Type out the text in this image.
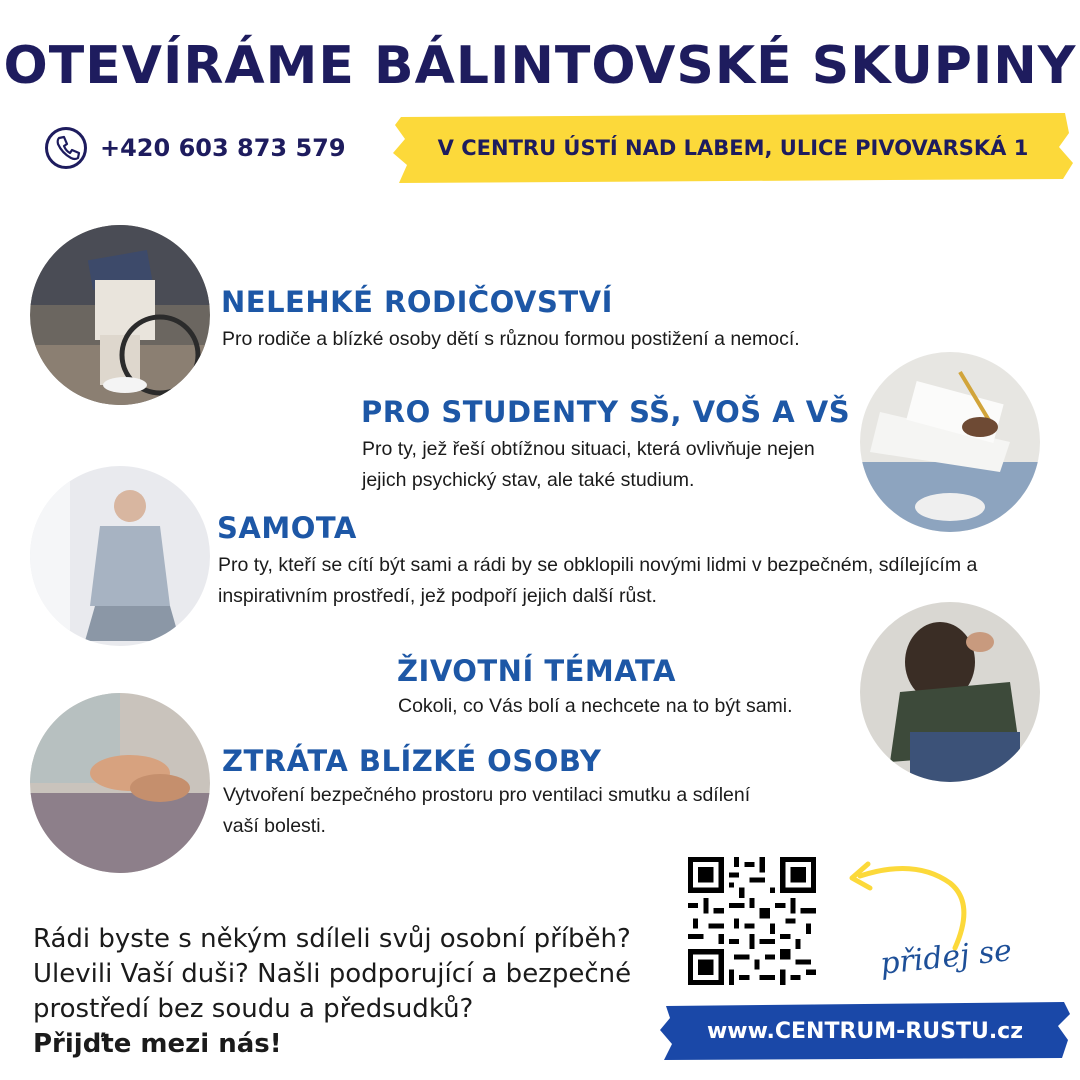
OTEVÍRÁME BÁLINTOVSKÉ SKUPINY
+420 603 873 579	V CENTRU ÚSTÍ NAD LABEM, ULICE PIVOVARSKÁ 1
NELEHKÉ RODIČOVSTVÍ
Pro rodiče a blízké osoby dětí s různou formou postižení a nemocí.
PRO STUDENTY SŠ, VOŠ A VŠ
Pro ty, jež řeší obtížnou situaci, která ovlivňuje nejen jejich psychický stav, ale také studium.
SAMOTA
Pro ty, kteří se cítí být sami a rádi by se obklopili novými lidmi v bezpečném, sdílejícím a inspirativním prostředí, jež podpoří jejich další růst.
ŽIVOTNÍ TÉMATA
Cokoli, co Vás bolí a nechcete na to být sami.
ZTRÁTA BLÍZKÉ OSOBY
Vytvoření bezpečného prostoru pro ventilaci smutku a sdílení vaší bolesti.
Rádi byste s někým sdíleli svůj osobní příběh? Ulevili Vaší duši? Našli podporující a bezpečné prostředí bez soudu a předsudků?
Přijďte mezi nás!
přidej se
www.CENTRUM-RUSTU.cz
